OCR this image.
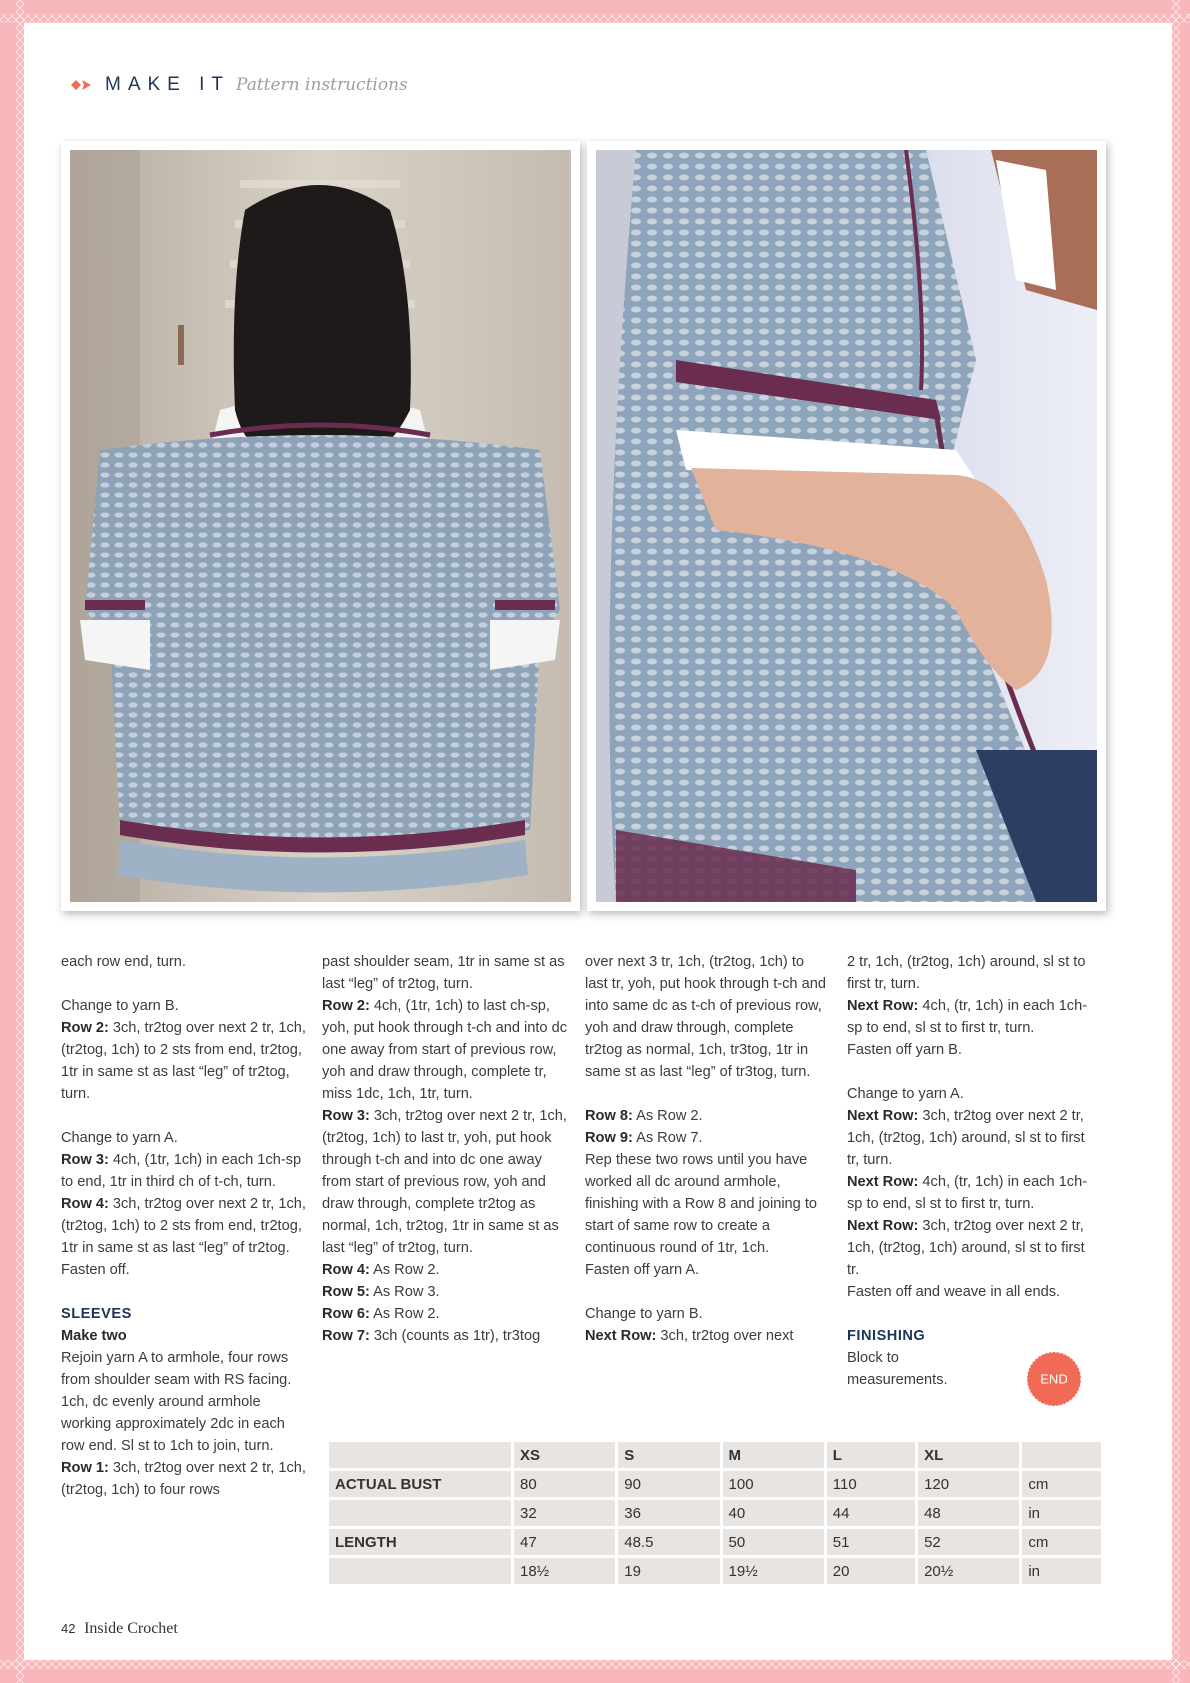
MAKE IT Pattern instructions

each row end, turn.

Change to yarn B.

Row 2: 3ch, tr2tog over next 2 tr, 1ch, (tr2tog, 1ch) to 2 sts from end, tr2tog, 1tr in same st as last “leg” of tr2tog, turn.

Change to yarn A.

Row 3: 4ch, (1tr, 1ch) in each 1ch-sp to end, 1tr in third ch of t-ch, turn.

Row 4: 3ch, tr2tog over next 2 tr, 1ch, (tr2tog, 1ch) to 2 sts from end, tr2tog, 1tr in same st as last “leg” of tr2tog.

Fasten off.

SLEEVES

Make two

Rejoin yarn A to armhole, four rows from shoulder seam with RS facing. 1ch, dc evenly around armhole working approximately 2dc in each row end. Sl st to 1ch to join, turn.

Row 1: 3ch, tr2tog over next 2 tr, 1ch, (tr2tog, 1ch) to four rows

past shoulder seam, 1tr in same st as last “leg” of tr2tog, turn.

Row 2: 4ch, (1tr, 1ch) to last ch-sp, yoh, put hook through t-ch and into dc one away from start of previous row, yoh and draw through, complete tr, miss 1dc, 1ch, 1tr, turn.

Row 3: 3ch, tr2tog over next 2 tr, 1ch, (tr2tog, 1ch) to last tr, yoh, put hook through t-ch and into dc one away from start of previous row, yoh and draw through, complete tr2tog as normal, 1ch, tr2tog, 1tr in same st as last “leg” of tr2tog, turn.

Row 4: As Row 2.

Row 5: As Row 3.

Row 6: As Row 2.

Row 7: 3ch (counts as 1tr), tr3tog

over next 3 tr, 1ch, (tr2tog, 1ch) to last tr, yoh, put hook through t-ch and into same dc as t-ch of previous row, yoh and draw through, complete tr2tog as normal, 1ch, tr3tog, 1tr in same st as last “leg” of tr3tog, turn.

Row 8: As Row 2.

Row 9: As Row 7.

Rep these two rows until you have worked all dc around armhole, finishing with a Row 8 and joining to start of same row to create a continuous round of 1tr, 1ch.

Fasten off yarn A.

Change to yarn B.

Next Row: 3ch, tr2tog over next

2 tr, 1ch, (tr2tog, 1ch) around, sl st to first tr, turn.

Next Row: 4ch, (tr, 1ch) in each 1ch-sp to end, sl st to first tr, turn.

Fasten off yarn B.

Change to yarn A.

Next Row: 3ch, tr2tog over next 2 tr, 1ch, (tr2tog, 1ch) around, sl st to first tr, turn.

Next Row: 4ch, (tr, 1ch) in each 1ch-sp to end, sl st to first tr, turn.

Next Row: 3ch, tr2tog over next 2 tr, 1ch, (tr2tog, 1ch) around, sl st to first tr.

Fasten off and weave in all ends.

FINISHING

Block to measurements.	END
	XS	S	M	L	XL	
ACTUAL BUST	80	90	100	110	120	cm
	32	36	40	44	48	in
LENGTH	47	48.5	50	51	52	cm
	18½	19	19½	20	20½	in
42 Inside Crochet
